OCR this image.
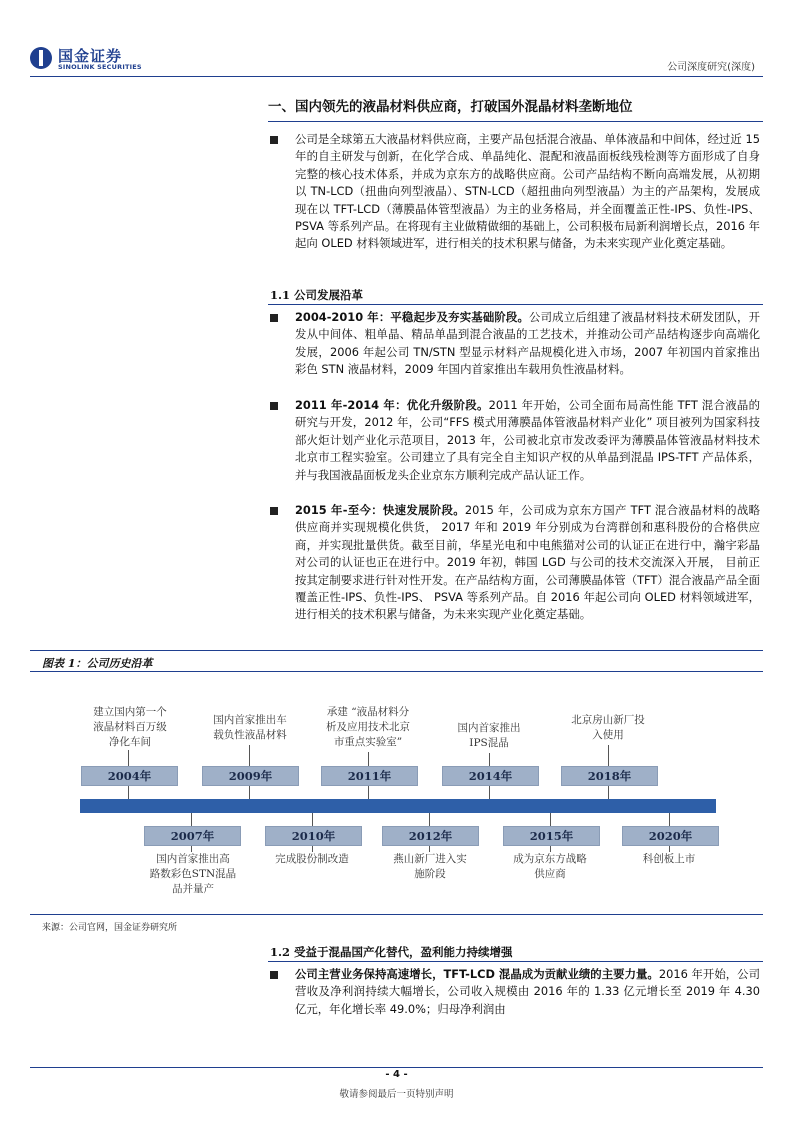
国金证券
SINOLINK SECURITIES	公司深度研究(深度)
一、国内领先的液晶材料供应商，打破国外混晶材料垄断地位
公司是全球第五大液晶材料供应商，主要产品包括混合液晶、单体液晶和中间体，经过近 15 年的自主研发与创新，在化学合成、单晶纯化、混配和液晶面板线残检测等方面形成了自身完整的核心技术体系，并成为京东方的战略供应商。公司产品结构不断向高端发展，从初期以 TN-LCD（扭曲向列型液晶）、STN-LCD（超扭曲向列型液晶）为主的产品架构，发展成现在以 TFT-LCD（薄膜晶体管型液晶）为主的业务格局，并全面覆盖正性-IPS、负性-IPS、PSVA 等系列产品。在将现有主业做精做细的基础上，公司积极布局新利润增长点，2016 年起向 OLED 材料领域进军，进行相关的技术积累与储备，为未来实现产业化奠定基础。
1.1 公司发展沿革
2004-2010 年：平稳起步及夯实基础阶段。公司成立后组建了液晶材料技术研发团队，开发从中间体、粗单晶、精品单晶到混合液晶的工艺技术，并推动公司产品结构逐步向高端化发展，2006 年起公司 TN/STN 型显示材料产品规模化进入市场，2007 年初国内首家推出彩色 STN 液晶材料，2009 年国内首家推出车载用负性液晶材料。
2011 年-2014 年：优化升级阶段。2011 年开始，公司全面布局高性能 TFT 混合液晶的研究与开发，2012 年，公司“FFS 模式用薄膜晶体管液晶材料产业化” 项目被列为国家科技部火炬计划产业化示范项目，2013 年，公司被北京市发改委评为薄膜晶体管液晶材料技术北京市工程实验室。公司建立了具有完全自主知识产权的从单晶到混晶 IPS-TFT 产品体系，并与我国液晶面板龙头企业京东方顺利完成产品认证工作。
2015 年-至今：快速发展阶段。2015 年，公司成为京东方国产 TFT 混合液晶材料的战略供应商并实现规模化供货， 2017 年和 2019 年分别成为台湾群创和惠科股份的合格供应商，并实现批量供货。截至目前，华星光电和中电熊猫对公司的认证正在进行中，瀚宇彩晶对公司的认证也正在进行中。2019 年初，韩国 LGD 与公司的技术交流深入开展， 目前正按其定制要求进行针对性开发。在产品结构方面，公司薄膜晶体管（TFT）混合液晶产品全面覆盖正性-IPS、负性-IPS、 PSVA 等系列产品。自 2016 年起公司向 OLED 材料领域进军，进行相关的技术积累与储备，为未来实现产业化奠定基础。
图表 1：公司历史沿革
建立国内第一个
液晶材料百万级
净化车间
2004年
国内首家推出车
载负性液晶材料
2009年
承建 “液晶材料分
析及应用技术北京
市重点实验室”
2011年
国内首家推出
IPS混晶
2014年
北京房山新厂投
入使用
2018年
2007年
国内首家推出高
路数彩色STN混晶
品并量产
2010年
完成股份制改造
2012年
燕山新厂进入实
施阶段
2015年
成为京东方战略
供应商
2020年
科创板上市
来源：公司官网，国金证券研究所
1.2 受益于混晶国产化替代，盈利能力持续增强
公司主营业务保持高速增长，TFT-LCD 混晶成为贡献业绩的主要力量。2016 年开始，公司营收及净利润持续大幅增长，公司收入规模由 2016 年的 1.33 亿元增长至 2019 年 4.30 亿元，年化增长率 49.0%；归母净利润由
- 4 -
敬请参阅最后一页特别声明
